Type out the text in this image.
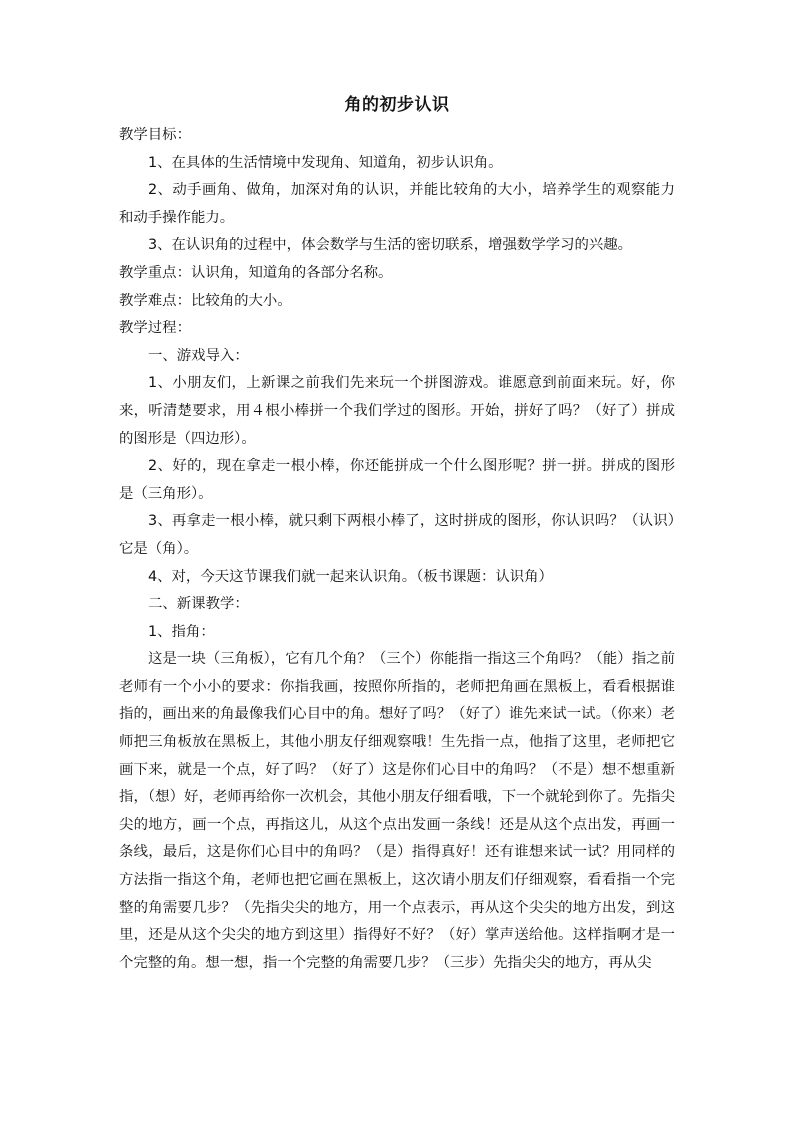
角的初步认识

教学目标：

1、在具体的生活情境中发现角、知道角，初步认识角。

2、动手画角、做角，加深对角的认识，并能比较角的大小，培养学生的观察能力和动手操作能力。

3、在认识角的过程中，体会数学与生活的密切联系，增强数学学习的兴趣。

教学重点：认识角，知道角的各部分名称。

教学难点：比较角的大小。

教学过程：

一、游戏导入：

1、小朋友们，上新课之前我们先来玩一个拼图游戏。谁愿意到前面来玩。好，你来，听清楚要求，用４根小棒拼一个我们学过的图形。开始，拼好了吗？（好了）拼成的图形是（四边形）。

2、好的，现在拿走一根小棒，你还能拼成一个什么图形呢？拼一拼。拼成的图形是（三角形）。

3、再拿走一根小棒，就只剩下两根小棒了，这时拼成的图形，你认识吗？（认识）它是（角）。

4、对，今天这节课我们就一起来认识角。（板书课题：认识角）

二、新课教学：

1、指角：

这是一块（三角板），它有几个角？（三个）你能指一指这三个角吗？（能）指之前老师有一个小小的要求：你指我画，按照你所指的，老师把角画在黑板上，看看根据谁指的，画出来的角最像我们心目中的角。想好了吗？（好了）谁先来试一试。（你来）老师把三角板放在黑板上，其他小朋友仔细观察哦！生先指一点，他指了这里，老师把它画下来，就是一个点，好了吗？（好了）这是你们心目中的角吗？（不是）想不想重新指，（想）好，老师再给你一次机会，其他小朋友仔细看哦，下一个就轮到你了。先指尖尖的地方，画一个点，再指这儿，从这个点出发画一条线！还是从这个点出发，再画一条线，最后，这是你们心目中的角吗？（是）指得真好！还有谁想来试一试？用同样的方法指一指这个角，老师也把它画在黑板上，这次请小朋友们仔细观察，看看指一个完整的角需要几步？（先指尖尖的地方，用一个点表示，再从这个尖尖的地方出发，到这里，还是从这个尖尖的地方到这里）指得好不好？（好）掌声送给他。这样指啊才是一个完整的角。想一想，指一个完整的角需要几步？（三步）先指尖尖的地方，再从尖
